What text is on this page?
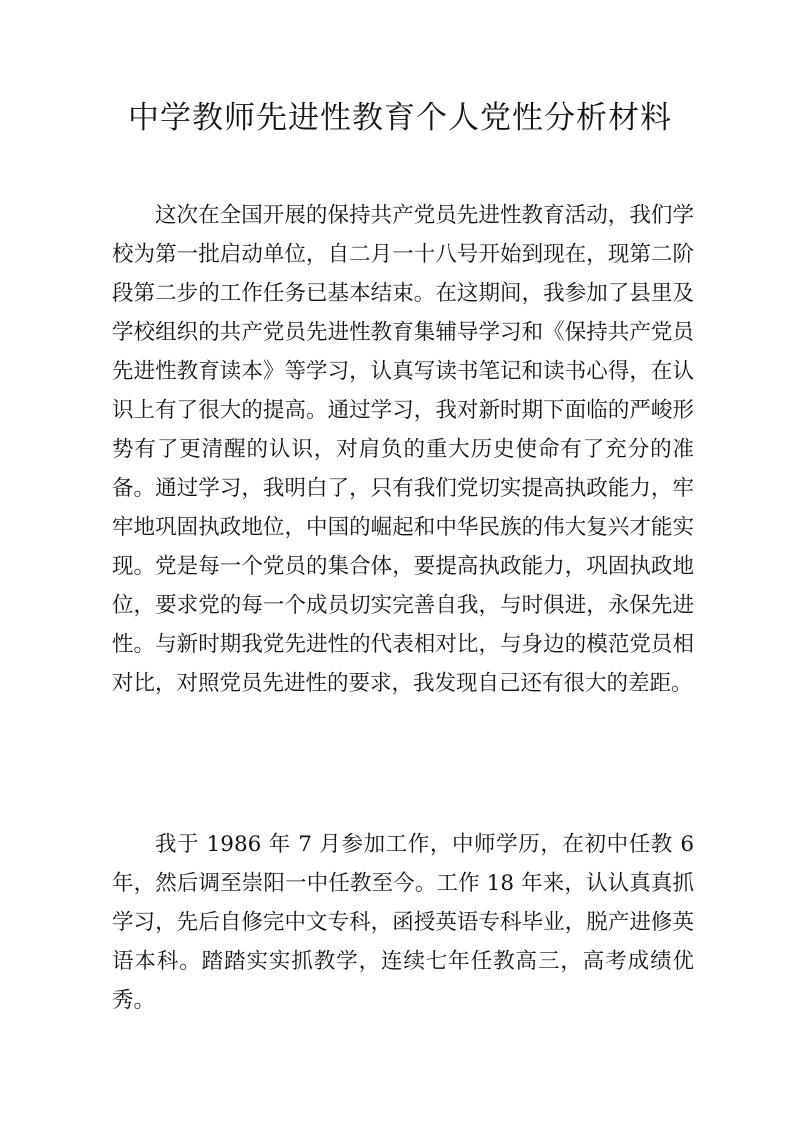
中学教师先进性教育个人党性分析材料

这次在全国开展的保持共产党员先进性教育活动，我们学校为第一批启动单位，自二月一十八号开始到现在，现第二阶段第二步的工作任务已基本结束。在这期间，我参加了县里及学校组织的共产党员先进性教育集辅导学习和《保持共产党员先进性教育读本》等学习，认真写读书笔记和读书心得，在认识上有了很大的提高。通过学习，我对新时期下面临的严峻形势有了更清醒的认识，对肩负的重大历史使命有了充分的准备。通过学习，我明白了，只有我们党切实提高执政能力，牢牢地巩固执政地位，中国的崛起和中华民族的伟大复兴才能实现。党是每一个党员的集合体，要提高执政能力，巩固执政地位，要求党的每一个成员切实完善自我，与时俱进，永保先进性。与新时期我党先进性的代表相对比，与身边的模范党员相对比，对照党员先进性的要求，我发现自己还有很大的差距。

我于 1986 年 7 月参加工作，中师学历，在初中任教 6 年，然后调至崇阳一中任教至今。工作 18 年来，认认真真抓学习，先后自修完中文专科，函授英语专科毕业，脱产进修英语本科。踏踏实实抓教学，连续七年任教高三，高考成绩优秀。
